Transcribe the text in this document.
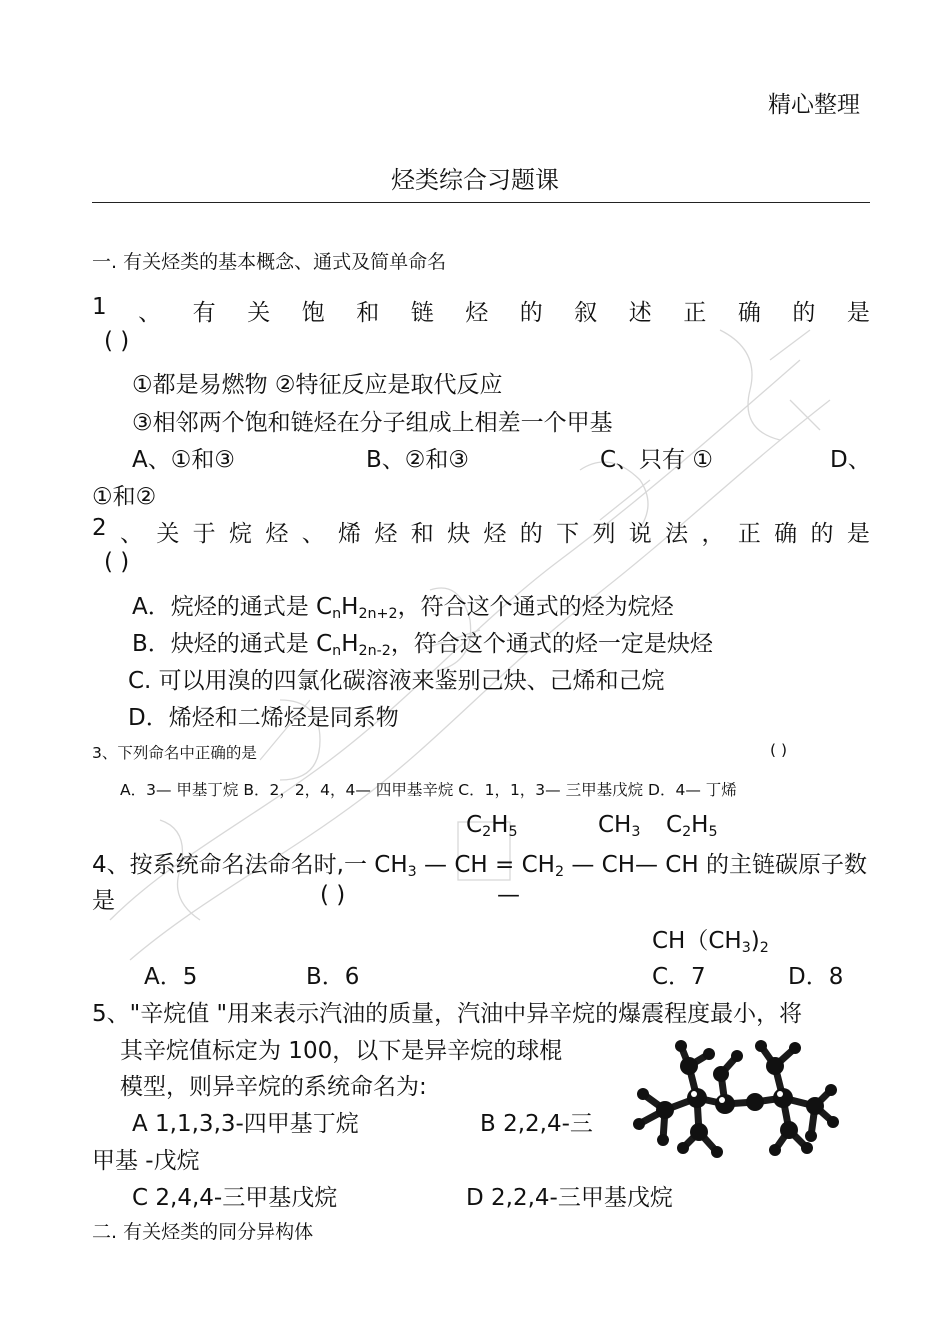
精心整理
烃类综合习题课
一. 有关烃类的基本概念、通式及简单命名
1 、 有 关 饱 和 链 烃 的 叙 述 正 确 的 是
( )
①都是易燃物 ②特征反应是取代反应
③相邻两个饱和链烃在分子组成上相差一个甲基
A、①和③	B、②和③	C、只有 ①	D、
①和②
2 、 关 于 烷 烃 、 烯 烃 和 炔 烃 的 下 列 说 法 ， 正 确 的 是
( )
A．烷烃的通式是 $C_nH_{2n+2}$，符合这个通式的烃为烷烃
B．炔烃的通式是 $C_nH_{2n-2}$，符合这个通式的烃一定是炔烃
C. 可以用溴的四氯化碳溶液来鉴别己炔、己烯和己烷
D．烯烃和二烯烃是同系物
3、下列命名中正确的是	( )
A．3— 甲基丁烷 B．2，2，4，4— 四甲基辛烷 C．1，1，3— 三甲基戊烷 D．4— 丁烯
$C_2H_5$	$CH_3$ $C_2H_5$
4、按系统命名法命名时,一 $CH_3$ — CH = $CH_2$ — CH— CH 的主链碳原子数
是	( )	—
$CH(CH_3)_2$
A．5	B．6	C．7	D．8
5、"辛烷值 "用来表示汽油的质量，汽油中异辛烷的爆震程度最小，将
其辛烷值标定为 100，以下是异辛烷的球棍
模型，则异辛烷的系统命名为:
A 1,1,3,3-四甲基丁烷	B 2,2,4-三
甲基 -戊烷
C 2,4,4-三甲基戊烷	D 2,2,4-三甲基戊烷
二. 有关烃类的同分异构体
